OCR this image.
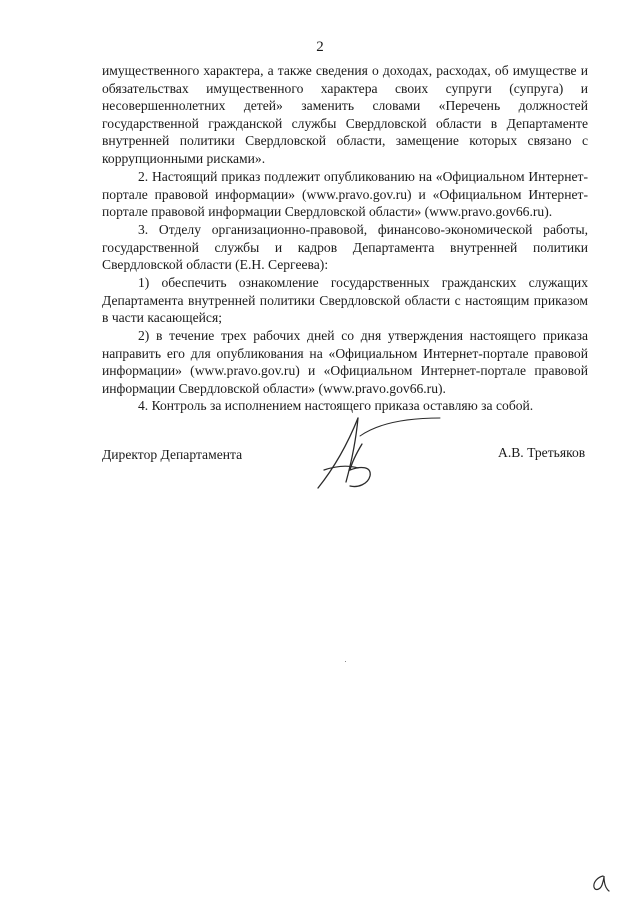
2

имущественного характера, а также сведения о доходах, расходах, об имуществе и обязательствах имущественного характера своих супруги (супруга) и несовершеннолетних детей» заменить словами «Перечень должностей государственной гражданской службы Свердловской области в Департаменте внутренней политики Свердловской области, замещение которых связано с коррупционными рисками».

2. Настоящий приказ подлежит опубликованию на «Официальном Интернет-портале правовой информации» (www.pravo.gov.ru) и «Официальном Интернет-портале правовой информации Свердловской области» (www.pravo.gov66.ru).

3. Отделу организационно-правовой, финансово-экономической работы, государственной службы и кадров Департамента внутренней политики Свердловской области (Е.Н. Сергеева):

1) обеспечить ознакомление государственных гражданских служащих Департамента внутренней политики Свердловской области с настоящим приказом в части касающейся;

2) в течение трех рабочих дней со дня утверждения настоящего приказа направить его для опубликования на «Официальном Интернет-портале правовой информации» (www.pravo.gov.ru) и «Официальном Интернет-портале правовой информации Свердловской области» (www.pravo.gov66.ru).

4. Контроль за исполнением настоящего приказа оставляю за собой.

Директор Департамента	А.В. Третьяков
